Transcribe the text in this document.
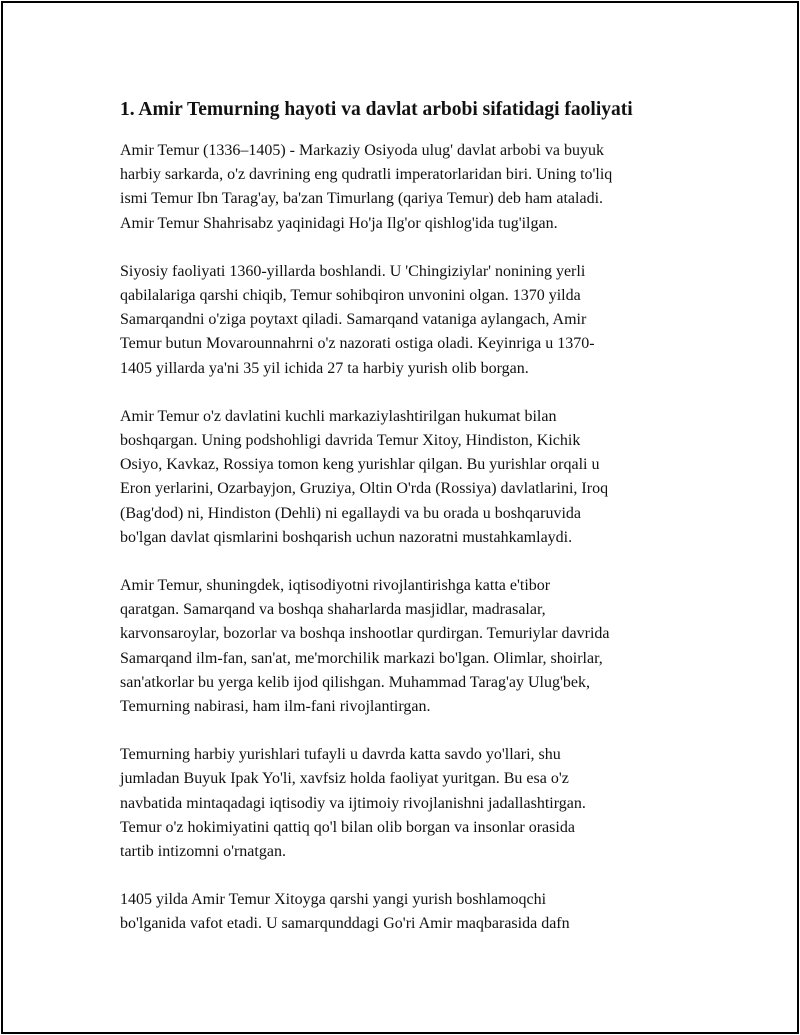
1. Amir Temurning hayoti va davlat arbobi sifatidagi faoliyati

Amir Temur (1336–1405) - Markaziy Osiyoda ulug' davlat arbobi va buyuk
harbiy sarkarda, o'z davrining eng qudratli imperatorlaridan biri. Uning to'liq
ismi Temur Ibn Tarag'ay, ba'zan Timurlang (qariya Temur) deb ham ataladi.
Amir Temur Shahrisabz yaqinidagi Ho'ja Ilg'or qishlog'ida tug'ilgan.

Siyosiy faoliyati 1360-yillarda boshlandi. U 'Chingiziylar' nonining yerli
qabilalariga qarshi chiqib, Temur sohibqiron unvonini olgan. 1370 yilda
Samarqandni o'ziga poytaxt qiladi. Samarqand vataniga aylangach, Amir
Temur butun Movarounnahrni o'z nazorati ostiga oladi. Keyinriga u 1370-
1405 yillarda ya'ni 35 yil ichida 27 ta harbiy yurish olib borgan.

Amir Temur o'z davlatini kuchli markaziylashtirilgan hukumat bilan
boshqargan. Uning podshohligi davrida Temur Xitoy, Hindiston, Kichik
Osiyo, Kavkaz, Rossiya tomon keng yurishlar qilgan. Bu yurishlar orqali u
Eron yerlarini, Ozarbayjon, Gruziya, Oltin O'rda (Rossiya) davlatlarini, Iroq
(Bag'dod) ni, Hindiston (Dehli) ni egallaydi va bu orada u boshqaruvida
bo'lgan davlat qismlarini boshqarish uchun nazoratni mustahkamlaydi.

Amir Temur, shuningdek, iqtisodiyotni rivojlantirishga katta e'tibor
qaratgan. Samarqand va boshqa shaharlarda masjidlar, madrasalar,
karvonsaroylar, bozorlar va boshqa inshootlar qurdirgan. Temuriylar davrida
Samarqand ilm-fan, san'at, me'morchilik markazi bo'lgan. Olimlar, shoirlar,
san'atkorlar bu yerga kelib ijod qilishgan. Muhammad Tarag'ay Ulug'bek,
Temurning nabirasi, ham ilm-fani rivojlantirgan.

Temurning harbiy yurishlari tufayli u davrda katta savdo yo'llari, shu
jumladan Buyuk Ipak Yo'li, xavfsiz holda faoliyat yuritgan. Bu esa o'z
navbatida mintaqadagi iqtisodiy va ijtimoiy rivojlanishni jadallashtirgan.
Temur o'z hokimiyatini qattiq qo'l bilan olib borgan va insonlar orasida
tartib intizomni o'rnatgan.

1405 yilda Amir Temur Xitoyga qarshi yangi yurish boshlamoqchi
bo'lganida vafot etadi. U samarqunddagi Go'ri Amir maqbarasida dafn
